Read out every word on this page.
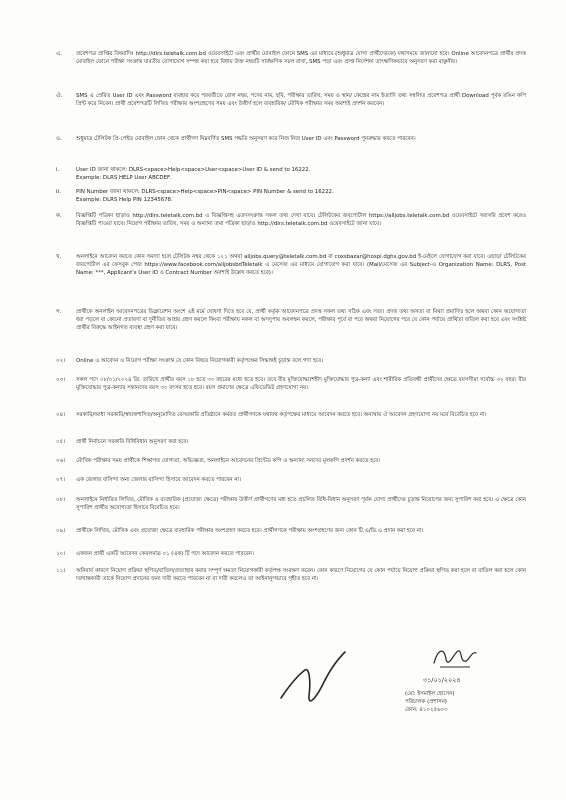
এ.	প্রবেশপত্র প্রাপ্তির বিষয়াদিঃ http://dlrs.teletalk.com.bd ওয়েবসাইটে এবং প্রার্থীর মোবাইল ফোনে SMS এর মাধ্যমে (শুধুমাত্র যোগ্য প্রার্থীদেরকে) যথাসময়ে জানানো হবে। Online আবেদনপত্রে প্রার্থীর প্রদত্ত মোবাইল ফোনে পরীক্ষা সংক্রান্ত যাবতীয় যোগাযোগ সম্পন্ন করা হবে বিধায় উক্ত নম্বরটি সার্বক্ষণিক সচল রাখা, SMS পড়া এবং প্রাপ্ত নির্দেশনা তাৎক্ষণিকভাবে অনুসরণ করা বাঞ্ছনীয়।
ঐ.	SMS এ প্রেরিত User ID এবং Password ব্যবহার করে পরবর্তীতে রোল নম্বর, পদের নাম, ছবি, পরীক্ষার তারিখ, সময় ও স্থান/ কেন্দ্রের নাম ইত্যাদি তথ্য সম্বলিত প্রবেশপত্র প্রার্থী Download পূর্বক রঙিন কপি প্রিন্ট করে নিবেন। প্রার্থী প্রবেশপত্রটি লিখিত পরীক্ষায় অংশগ্রহণের সময় এবং উত্তীর্ণ হলে ব্যবহারিক/ মৌখিক পরীক্ষার সময় অবশ্যই প্রদর্শন করবেন।
ও.	শুধুমাত্র টেলিটক প্রি-পেইড মোবাইল ফোন থেকে প্রার্থীগণ নিম্নবর্ণিত SMS পদ্ধতি অনুসরণ করে নিজ নিজ User ID এবং Password পুনরুদ্ধার করতে পারবেন।
i.	User ID জানা থাকলে: DLRS<space>Help<space>User<space>User ID & send to 16222.
Example: DLRS HELP User ABCDEF.
ii.	PIN Number জানা থাকলে: DLRS<space>Help<space>PIN<space> PIN Number & send to 16222.
Example: DLRS Help PIN 12345678.
ক.	বিজ্ঞপ্তিটি পত্রিকা ছাড়াও http://dlrs.teletalk.com.bd এ বিজ্ঞপ্তিসহ এতদসংক্রান্ত সকল তথ্য দেখা যাবে। টেলিটকের জবপোর্টাল https://alljobs.teletalk.com.bd ওয়েবসাইটে সরাসরি প্রবেশ করেও বিজ্ঞপ্তিটি পাওয়া যাবে। নিয়োগ পরীক্ষার তারিখ, সময় ও অন্যান্য তথ্য পত্রিকা ছাড়াও http://dlrs.teletalk.com.bd ওয়েবসাইটে জানা যাবে।
খ.	অনলাইনে আবেদন করতে কোন সমস্যা হলে টেলিটক নম্বর থেকে ১২১ অথবা alljobs.query@teletalk.com.bd বা coxsbazar@hospi.dghs.gov.bd ই-মেইলে যোগাযোগ করা যাবে। এছাড়া টেলিটকের জবপোর্টাল এর ফেসবুক পেজ https://www.facebook.com/alljobsbdTeletalk এ মেসেজ এর মাধ্যমে যোগাযোগ করা যাবে। (Mail/মেসেজ এর Subject-এ Organization Name: DLRS, Post Name: ***, Applicant's User ID ও Contract Number অবশ্যই উল্লেখ করতে হবে)।
গ.	প্রার্থীকে অনলাইন আবেদনপত্রের ডিক্লারেশন অংশে এই মর্মে ঘোষণা দিতে হবে যে, প্রার্থী কর্তৃক আবেদনপত্রে প্রদত্ত সকল তথ্য সঠিক এবং সত্য। প্রদত্ত তথ্য অসত্য বা মিথ্যা প্রমাণিত হলে অথবা কোন অযোগ্যতা ধরা পড়লে বা কোনো প্রতারণা বা দুর্নীতির আশ্রয় গ্রহণ করলে কিংবা পরীক্ষায় নকল বা অসদুপায় অবলম্বন করলে, পরীক্ষার পূর্বে বা পরে অথবা নিয়োগের পরে যে কোন পর্যায়ে প্রার্থিতা বাতিল করা হবে এবং সংশ্লিষ্ট প্রার্থীর বিরুদ্ধে আইনগত ব্যবস্থা গ্রহণ করা যাবে।
০২।	Online এ আবেদন ও নিয়োগ পরীক্ষা সংক্রান্ত যে কোন বিষয়ে নিয়োগকারী কর্তৃপক্ষের সিদ্ধান্তই চূড়ান্ত বলে গণ্য হবে।
০৩।	সকল পদে ০৮/০১/২০২৪ খ্রি. তারিখে প্রার্থীর বয়স ১৮ হতে ৩০ বছরের মধ্যে হতে হবে। তবে বীর মুক্তিযোদ্ধা/শহীদ মুক্তিযোদ্ধার পুত্র-কন্যা এবং শারীরিক প্রতিবন্ধী প্রার্থীদের ক্ষেত্রে বয়সসীমা সর্বোচ্চ ৩২ বছর। বীর মুক্তিযোদ্ধার পুত্র-কন্যার সন্তানদের বয়স ৩০ বৎসর হতে হবে। বয়স প্রমাণের ক্ষেত্রে এফিডেভিট গ্রহণযোগ্য নয়।
০৪।	সরকারি/আধা সরকারি/স্বায়ত্তশাসিত/অনুমোদিত বেসরকারি প্রতিষ্ঠানে কর্মরত প্রার্থীগণকে যথাযথ কর্তৃপক্ষের মাধ্যমে আবেদন করতে হবে। অন্যথায় ঐ আবেদন গ্রহণযোগ্য নয় মর্মে বিবেচিত হবে না।
০৫।	প্রার্থী নির্বাচনে সরকারি বিধিবিধান অনুসরণ করা হবে।
০৬।	মৌখিক পরীক্ষার সময় প্রার্থীকে শিক্ষাগত যোগ্যতা, অভিজ্ঞতা, অনলাইনে আবেদনের প্রিন্টেড কপি ও অন্যান্য সনদের মূলকপি প্রদর্শন করতে হবে।
০৭।	এক জেলার বাসিন্দা অন্য জেলার বাসিন্দা হিসাবে আবেদন করতে পারবেন না।
০৮।	অনলাইনে নির্ধারিত লিখিত, মৌখিক ও ব্যবহারিক (প্রযোজ্য ক্ষেত্রে) পরীক্ষায় উত্তীর্ণ প্রার্থীগণের মধ্য হতে প্রচলিত বিধি-বিধান অনুসরণ পূর্বক যোগ্য প্রার্থীদের চূড়ান্ত নিয়োগের জন্য সুপারিশ করা হবে। এ ক্ষেত্রে কোন সুপারিশ প্রার্থীর অযোগ্যতা হিসাবে বিবেচিত হবে।
০৯।	প্রার্থীকে লিখিত, মৌখিক এবং প্রযোজ্য ক্ষেত্রে ব্যবহারিক পরীক্ষায় অংশগ্রহণ করতে হবে। প্রার্থীগণকে পরীক্ষায় অংশগ্রহণের জন্য কোন টি.এ/ডি.এ প্রদান করা হবে না।
১০।	একজন প্রার্থী একটি আবেদন কেবলমাত্র ০১ (এক) টি পদে আবেদন করতে পারবেন।
১১।	অনিবার্য কারণে নিয়োগ প্রক্রিয়া স্থগিত/বাতিল/প্রত্যাহার করার সম্পূর্ণ ক্ষমতা নিয়োগকারী কর্তৃপক্ষ সংরক্ষণ করেন। কোন কারণে নিয়োগের যে কোন পর্যায়ে নিয়োগ প্রক্রিয়া স্থগিত করা হলে বা বাতিল করা হলে কোন দরখাস্তকারী তাকে নিয়োগ প্রদানের জন্য দাবী করতে পারবেন না বা দাবী করলেও তা আইনানুগভাবে গৃহীত হবে না।
৩১/০১/২০২৪
(মো: ইসমাইল হোসেন)
পরিচালক (প্রশাসন)
ফোন: ৪১০২৫৬০৩
